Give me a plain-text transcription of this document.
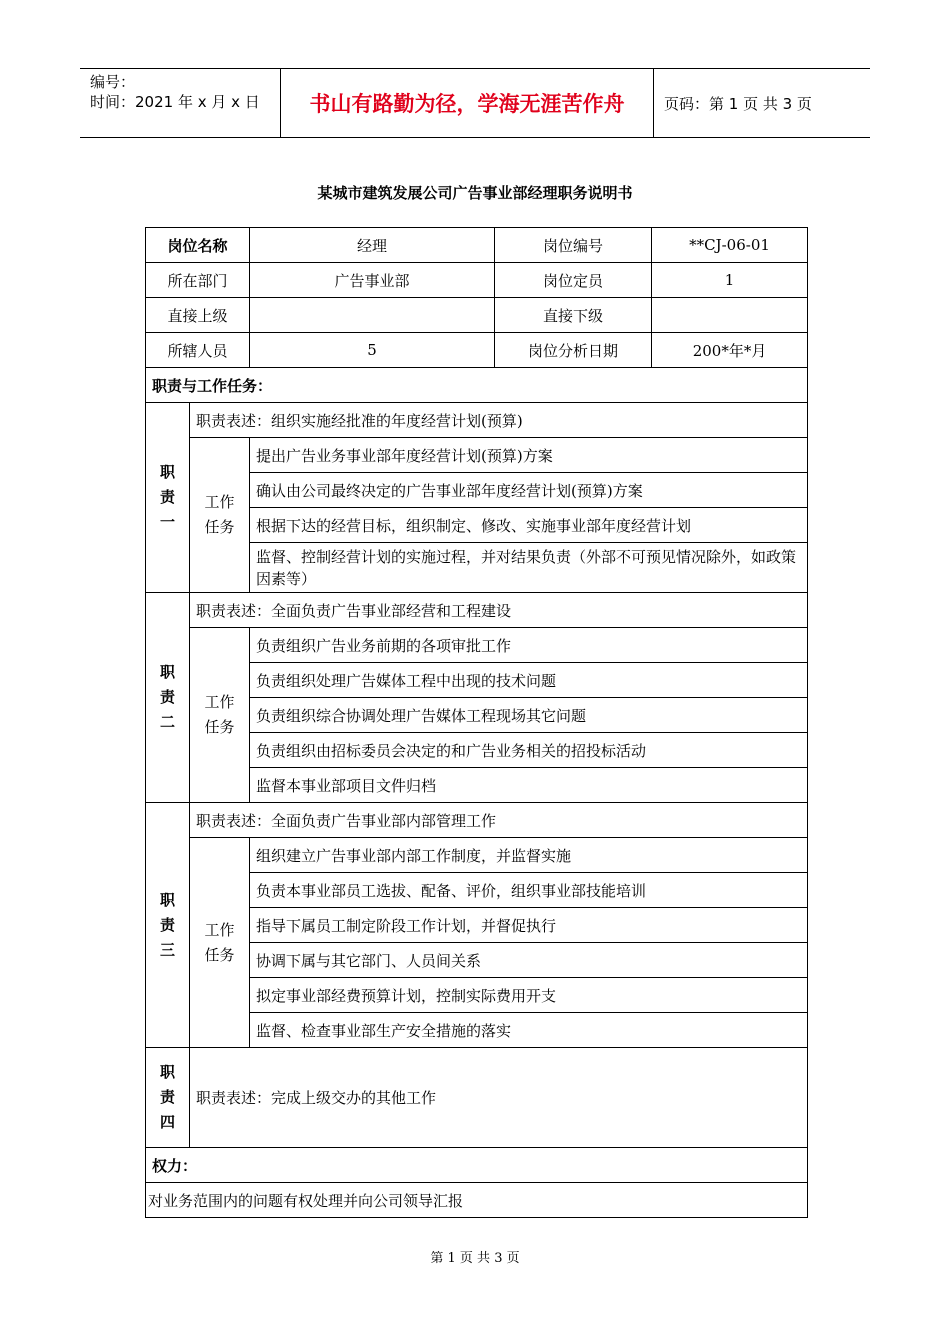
编号：
时间：2021 年 x 月 x 日	书山有路勤为径，学海无涯苦作舟	页码：第 1 页 共 3 页
某城市建筑发展公司广告事业部经理职务说明书
岗位名称		经理	岗位编号	**CJ-06-01
所在部门		广告事业部	岗位定员	1
直接上级			直接下级	
所辖人员		5	岗位分析日期	200*年*月
职责与工作任务：				
职
责
一	职责表述：组织实施经批准的年度经营计划(预算)			
	工作
任务	提出广告业务事业部年度经营计划(预算)方案		
		确认由公司最终决定的广告事业部年度经营计划(预算)方案		
		根据下达的经营目标，组织制定、修改、实施事业部年度经营计划		
		监督、控制经营计划的实施过程，并对结果负责（外部不可预见情况除外，如政策因素等）		
职
责
二	职责表述：全面负责广告事业部经营和工程建设			
	工作
任务	负责组织广告业务前期的各项审批工作		
		负责组织处理广告媒体工程中出现的技术问题		
		负责组织综合协调处理广告媒体工程现场其它问题		
		负责组织由招标委员会决定的和广告业务相关的招投标活动		
		监督本事业部项目文件归档		
职
责
三	职责表述：全面负责广告事业部内部管理工作			
	工作
任务	组织建立广告事业部内部工作制度，并监督实施		
		负责本事业部员工选拔、配备、评价，组织事业部技能培训		
		指导下属员工制定阶段工作计划，并督促执行		
		协调下属与其它部门、人员间关系		
		拟定事业部经费预算计划，控制实际费用开支		
		监督、检查事业部生产安全措施的落实		
职
责
四	职责表述：完成上级交办的其他工作			
权力：				
对业务范围内的问题有权处理并向公司领导汇报				
第 1 页 共 3 页
